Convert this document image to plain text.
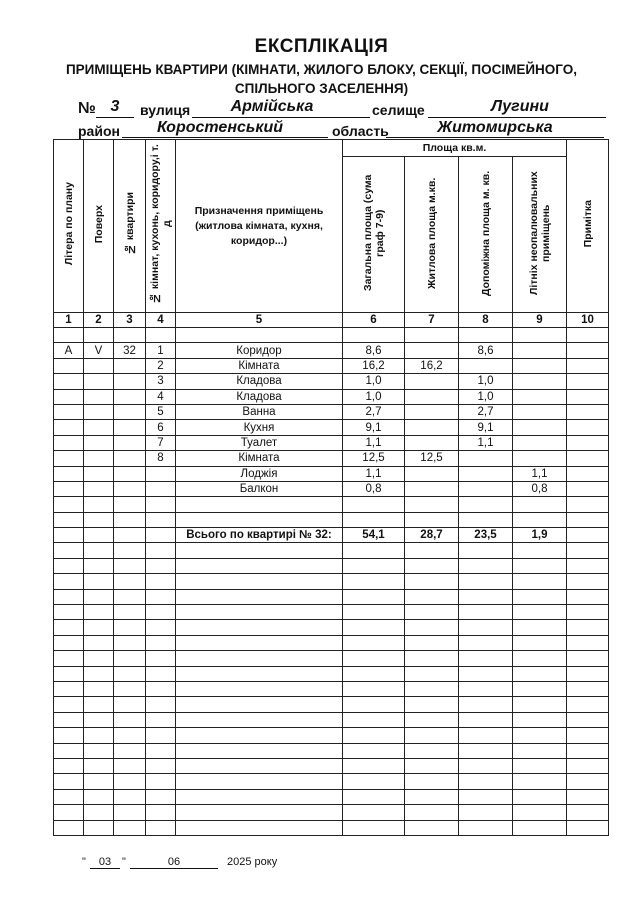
ЕКСПЛІКАЦІЯ
ПРИМІЩЕНЬ КВАРТИРИ (КІМНАТИ, ЖИЛОГО БЛОКУ, СЕКЦІЇ, ПОСІМЕЙНОГО,
СПІЛЬНОГО ЗАСЕЛЕННЯ)
№ 3	вулиця	Армійська	селище	Лугини
район	Коростенський	область	Житомирська
Літера по плану	Поверх	№ квартири	№ кімнат, кухонь, коридору,і т. д	Призначення приміщень (житлова кімната, кухня, коридор...)	Площа кв.м.				Примітка
					Загальна площа (сума граф 7-9)	Житлова площа м.кв.	Допоміжна площа м. кв.	Літніх неопалювальних приміщень	
1	2	3	4	5	6	7	8	9	10

А	V	32	1	Коридор	8,6		8,6		
			2	Кімната	16,2	16,2			
			3	Кладова	1,0		1,0		
			4	Кладова	1,0		1,0		
			5	Ванна	2,7		2,7		
			6	Кухня	9,1		9,1		
			7	Туалет	1,1		1,1		
			8	Кімната	12,5	12,5			
				Лоджія	1,1			1,1	
				Балкон	0,8			0,8	

				Всього по квартирі № 32:	54,1	28,7	23,5	1,9	

"	03 "	06	2025 року
